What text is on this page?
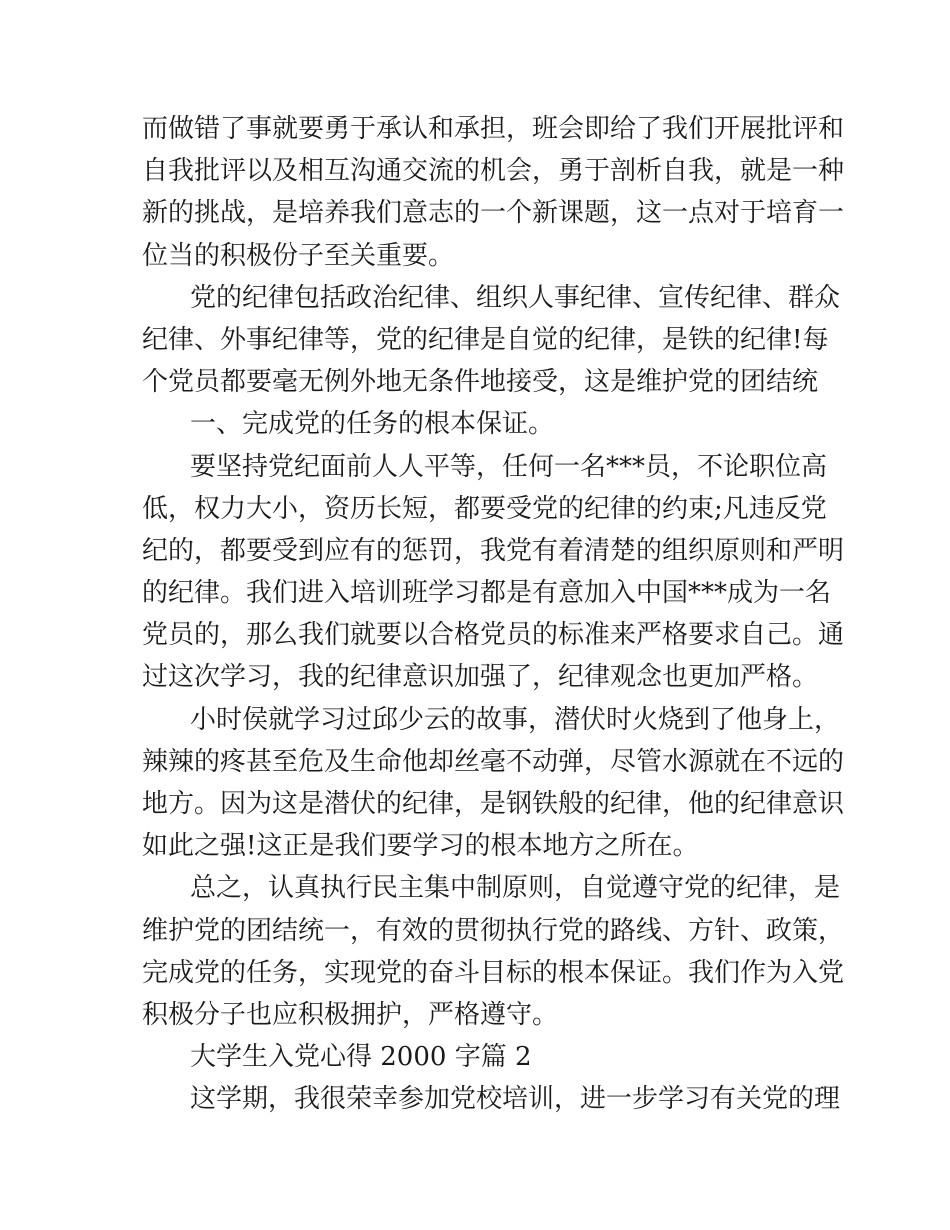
而做错了事就要勇于承认和承担，班会即给了我们开展批评和
自我批评以及相互沟通交流的机会，勇于剖析自我，就是一种
新的挑战，是培养我们意志的一个新课题，这一点对于培育一
位当的积极份子至关重要。
党的纪律包括政治纪律、组织人事纪律、宣传纪律、群众
纪律、外事纪律等，党的纪律是自觉的纪律，是铁的纪律!每
个党员都要毫无例外地无条件地接受，这是维护党的团结统
一、完成党的任务的根本保证。
要坚持党纪面前人人平等，任何一名***员，不论职位高
低，权力大小，资历长短，都要受党的纪律的约束;凡违反党
纪的，都要受到应有的惩罚，我党有着清楚的组织原则和严明
的纪律。我们进入培训班学习都是有意加入中国***成为一名
党员的，那么我们就要以合格党员的标准来严格要求自己。通
过这次学习，我的纪律意识加强了，纪律观念也更加严格。
小时侯就学习过邱少云的故事，潜伏时火烧到了他身上，
辣辣的疼甚至危及生命他却丝毫不动弹，尽管水源就在不远的
地方。因为这是潜伏的纪律，是钢铁般的纪律，他的纪律意识
如此之强!这正是我们要学习的根本地方之所在。
总之，认真执行民主集中制原则，自觉遵守党的纪律，是
维护党的团结统一，有效的贯彻执行党的路线、方针、政策，
完成党的任务，实现党的奋斗目标的根本保证。我们作为入党
积极分子也应积极拥护，严格遵守。
大学生入党心得 2000 字篇 2
这学期，我很荣幸参加党校培训，进一步学习有关党的理
